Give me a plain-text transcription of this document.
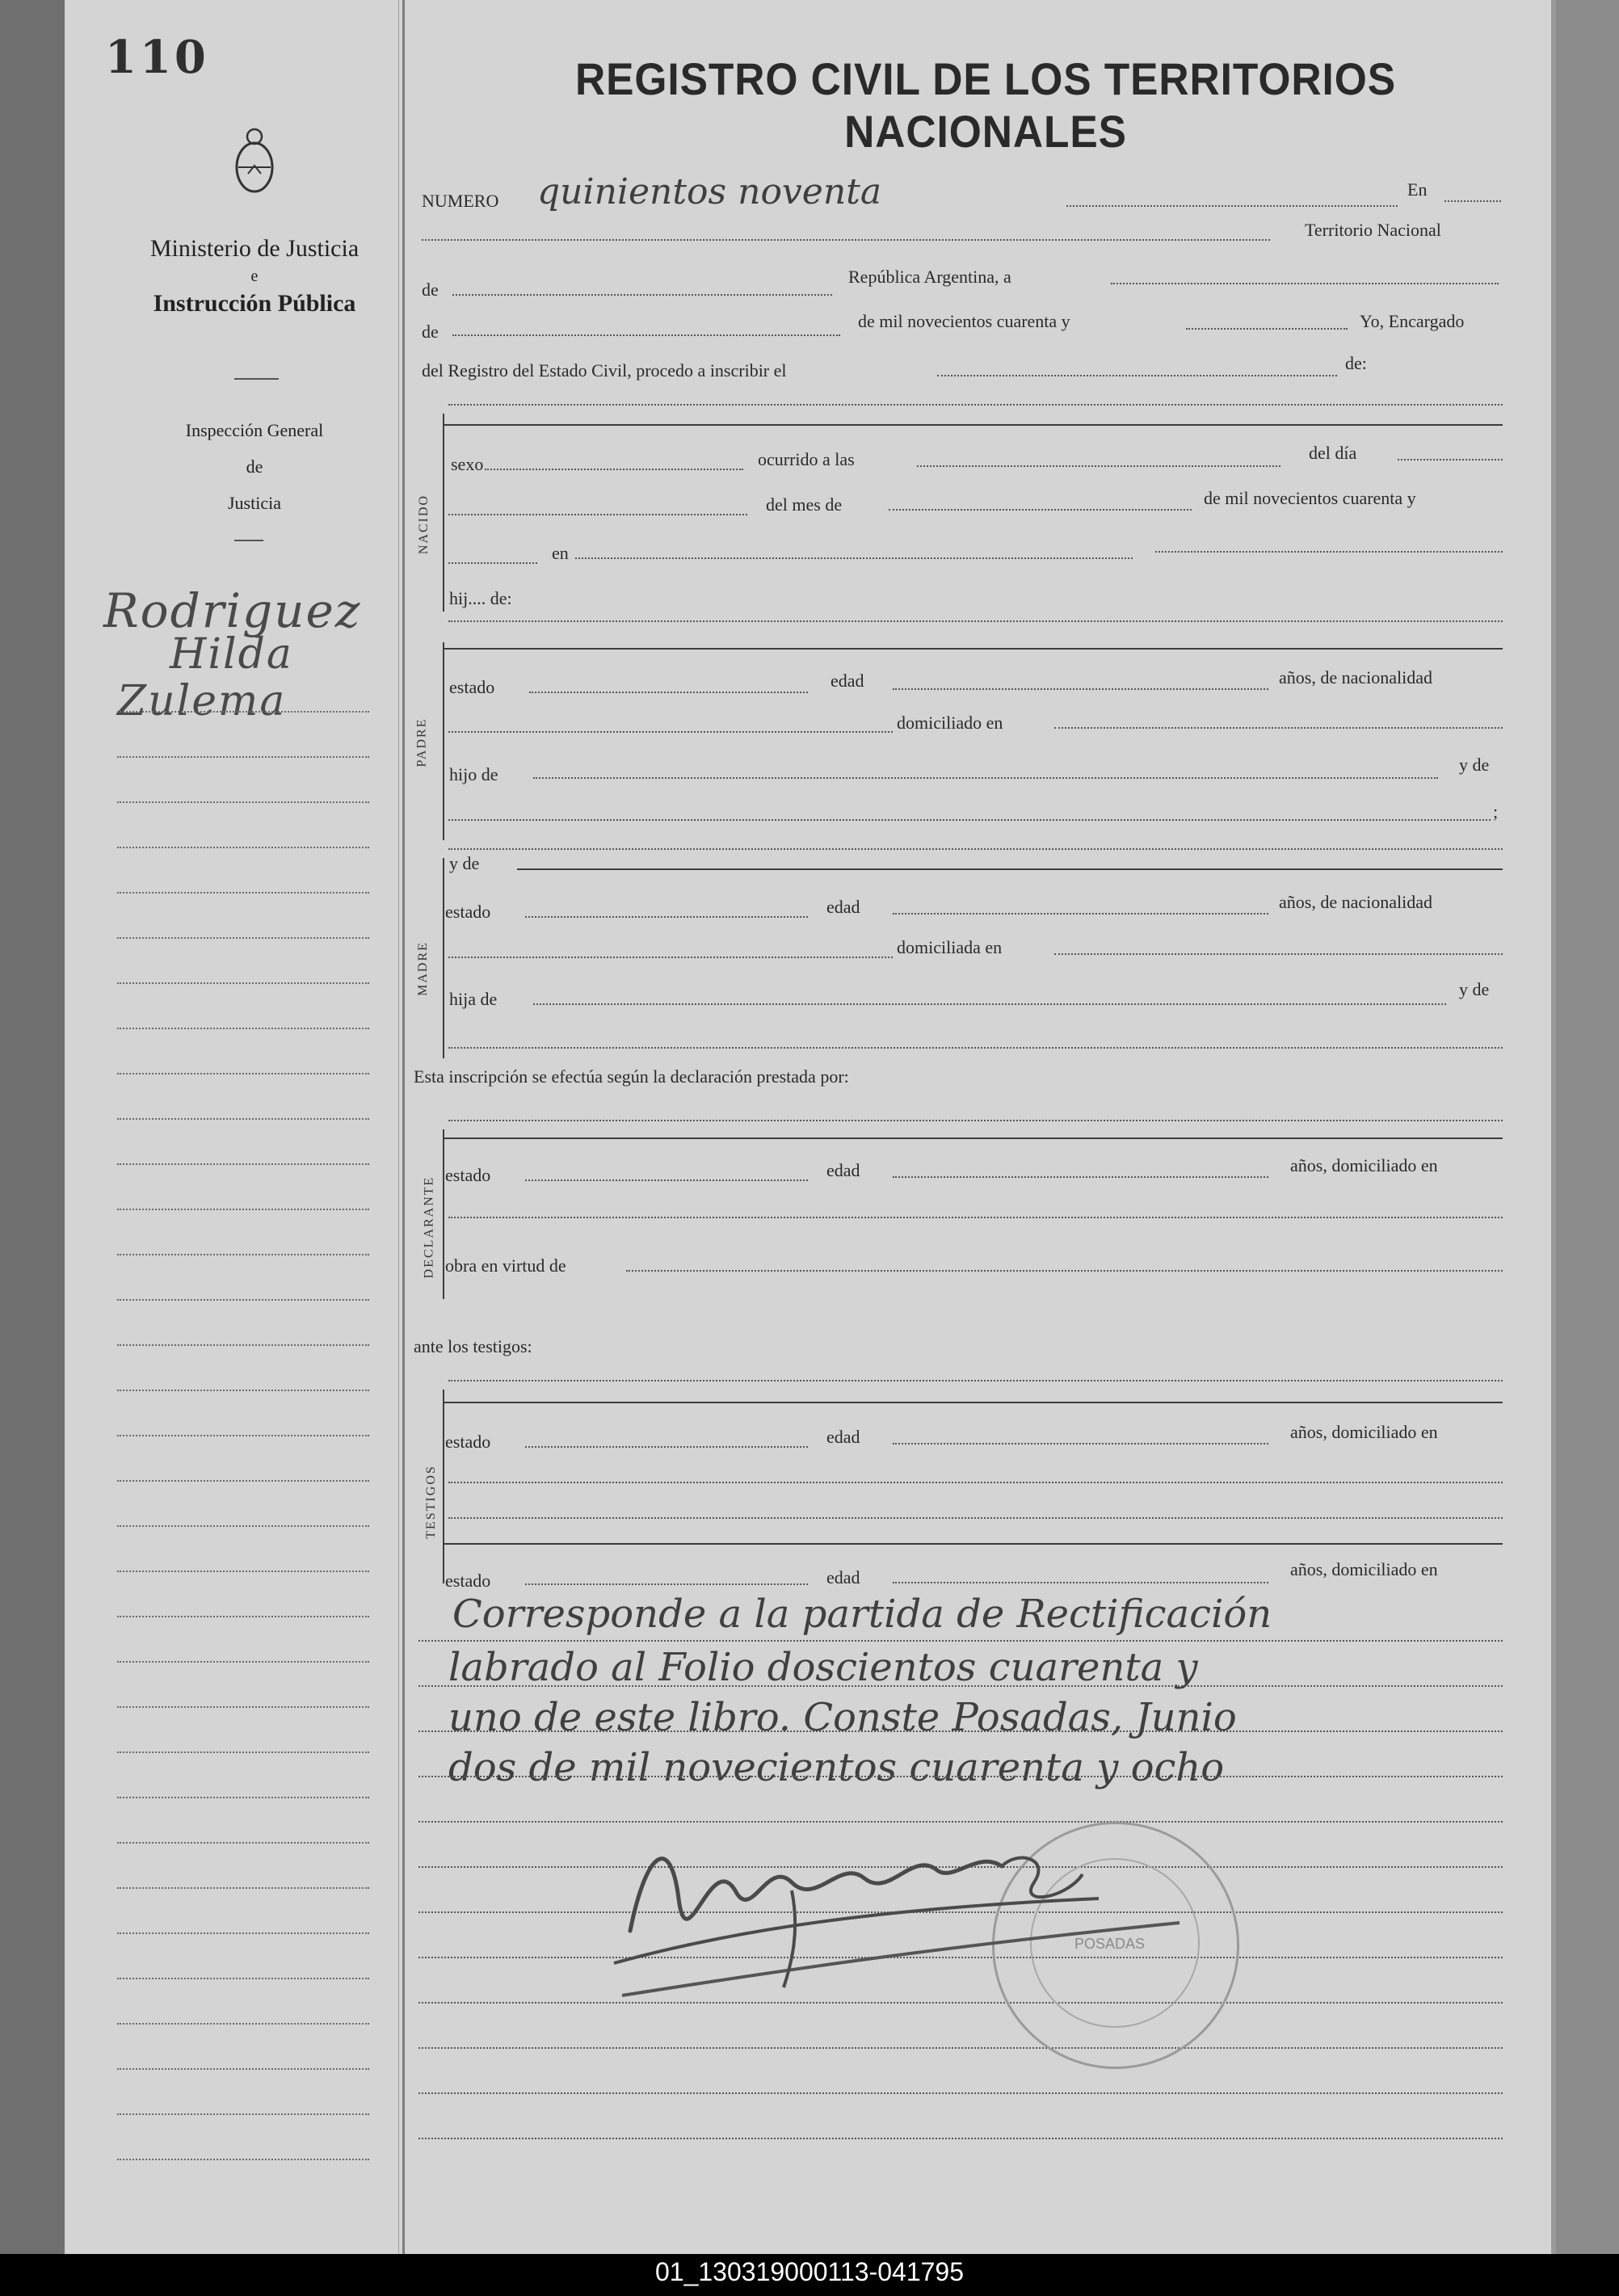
110
Ministerio de Justicia
e
Instrucción Pública
Inspección General
de
Justicia
Rodriguez
Hilda
Zulema
REGISTRO CIVIL DE LOS TERRITORIOS NACIONALES
NUMERO quinientos noventa	En
Territorio Nacional
de
República Argentina, a
de
de mil novecientos cuarenta y	Yo, Encargado
del Registro del Estado Civil, procedo a inscribir el	de:
NACIDO
sexo	ocurrido a las	del día
del mes de	de mil novecientos cuarenta y
en
hij.... de:
PADRE
estado	edad	años, de nacionalidad
domiciliado en
hijo de	y de
;
MADRE
y de
estado	edad	años, de nacionalidad
domiciliada en
hija de	y de
Esta inscripción se efectúa según la declaración prestada por:
DECLARANTE
estado	edad	años, domiciliado en
obra en virtud de
ante los testigos:
TESTIGOS
estado	edad	años, domiciliado en
estado	edad	años, domiciliado en
Corresponde a la partida de Rectificación
labrado al Folio doscientos cuarenta y
uno de este libro. Conste Posadas, Junio
dos de mil novecientos cuarenta y ocho
POSADAS
01_130319000113-041795
